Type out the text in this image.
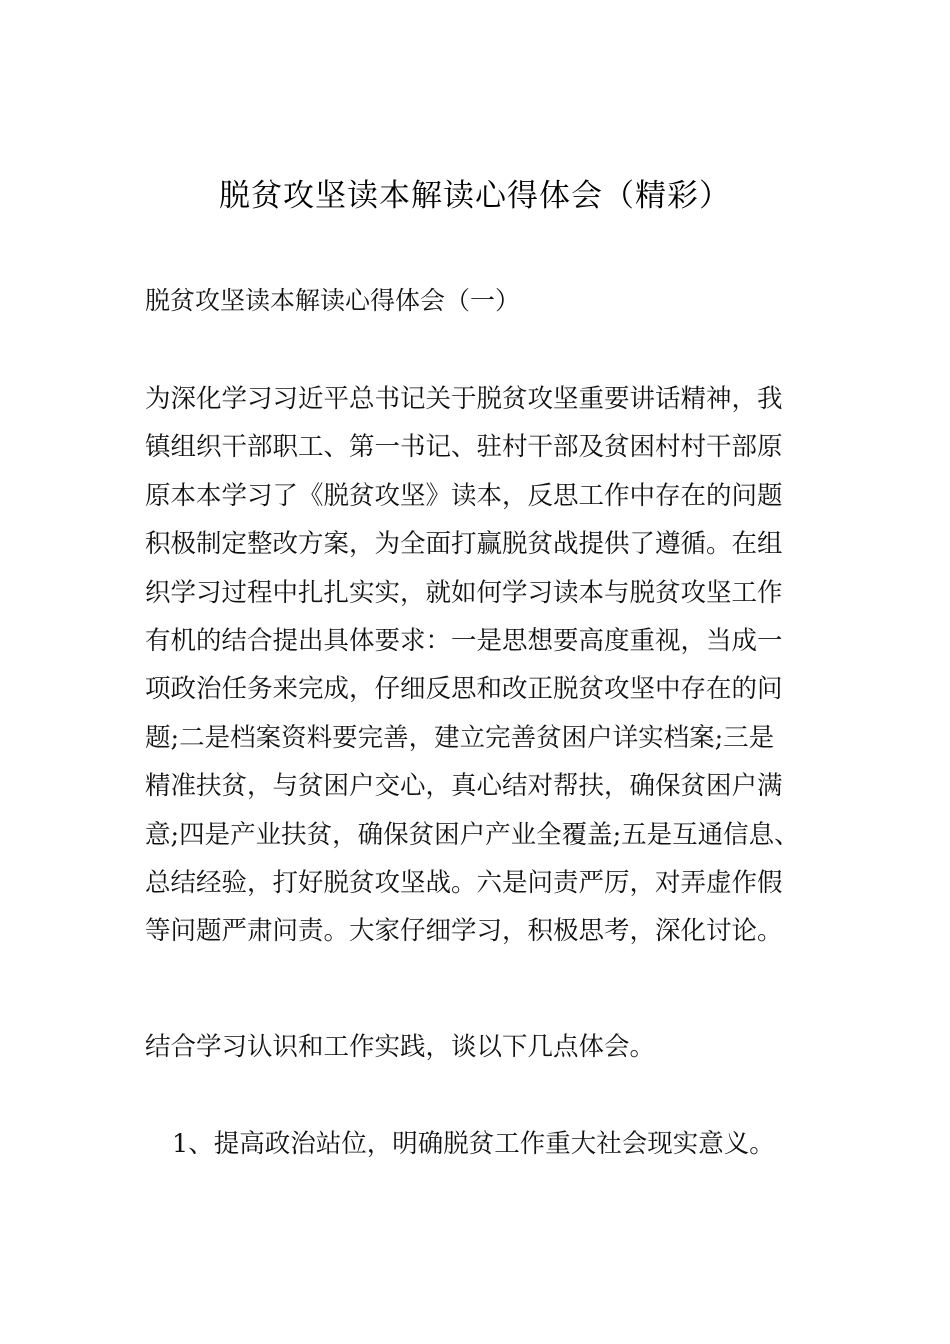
脱贫攻坚读本解读心得体会（精彩）
脱贫攻坚读本解读心得体会（一）
为深化学习习近平总书记关于脱贫攻坚重要讲话精神，我
镇组织干部职工、第一书记、驻村干部及贫困村村干部原
原本本学习了《脱贫攻坚》读本，反思工作中存在的问题
积极制定整改方案，为全面打赢脱贫战提供了遵循。在组
织学习过程中扎扎实实，就如何学习读本与脱贫攻坚工作
有机的结合提出具体要求：一是思想要高度重视，当成一
项政治任务来完成，仔细反思和改正脱贫攻坚中存在的问
题;二是档案资料要完善，建立完善贫困户详实档案;三是
精准扶贫，与贫困户交心，真心结对帮扶，确保贫困户满
意;四是产业扶贫，确保贫困户产业全覆盖;五是互通信息、
总结经验，打好脱贫攻坚战。六是问责严厉，对弄虚作假
等问题严肃问责。大家仔细学习，积极思考，深化讨论。
结合学习认识和工作实践，谈以下几点体会。
1、提高政治站位，明确脱贫工作重大社会现实意义。
